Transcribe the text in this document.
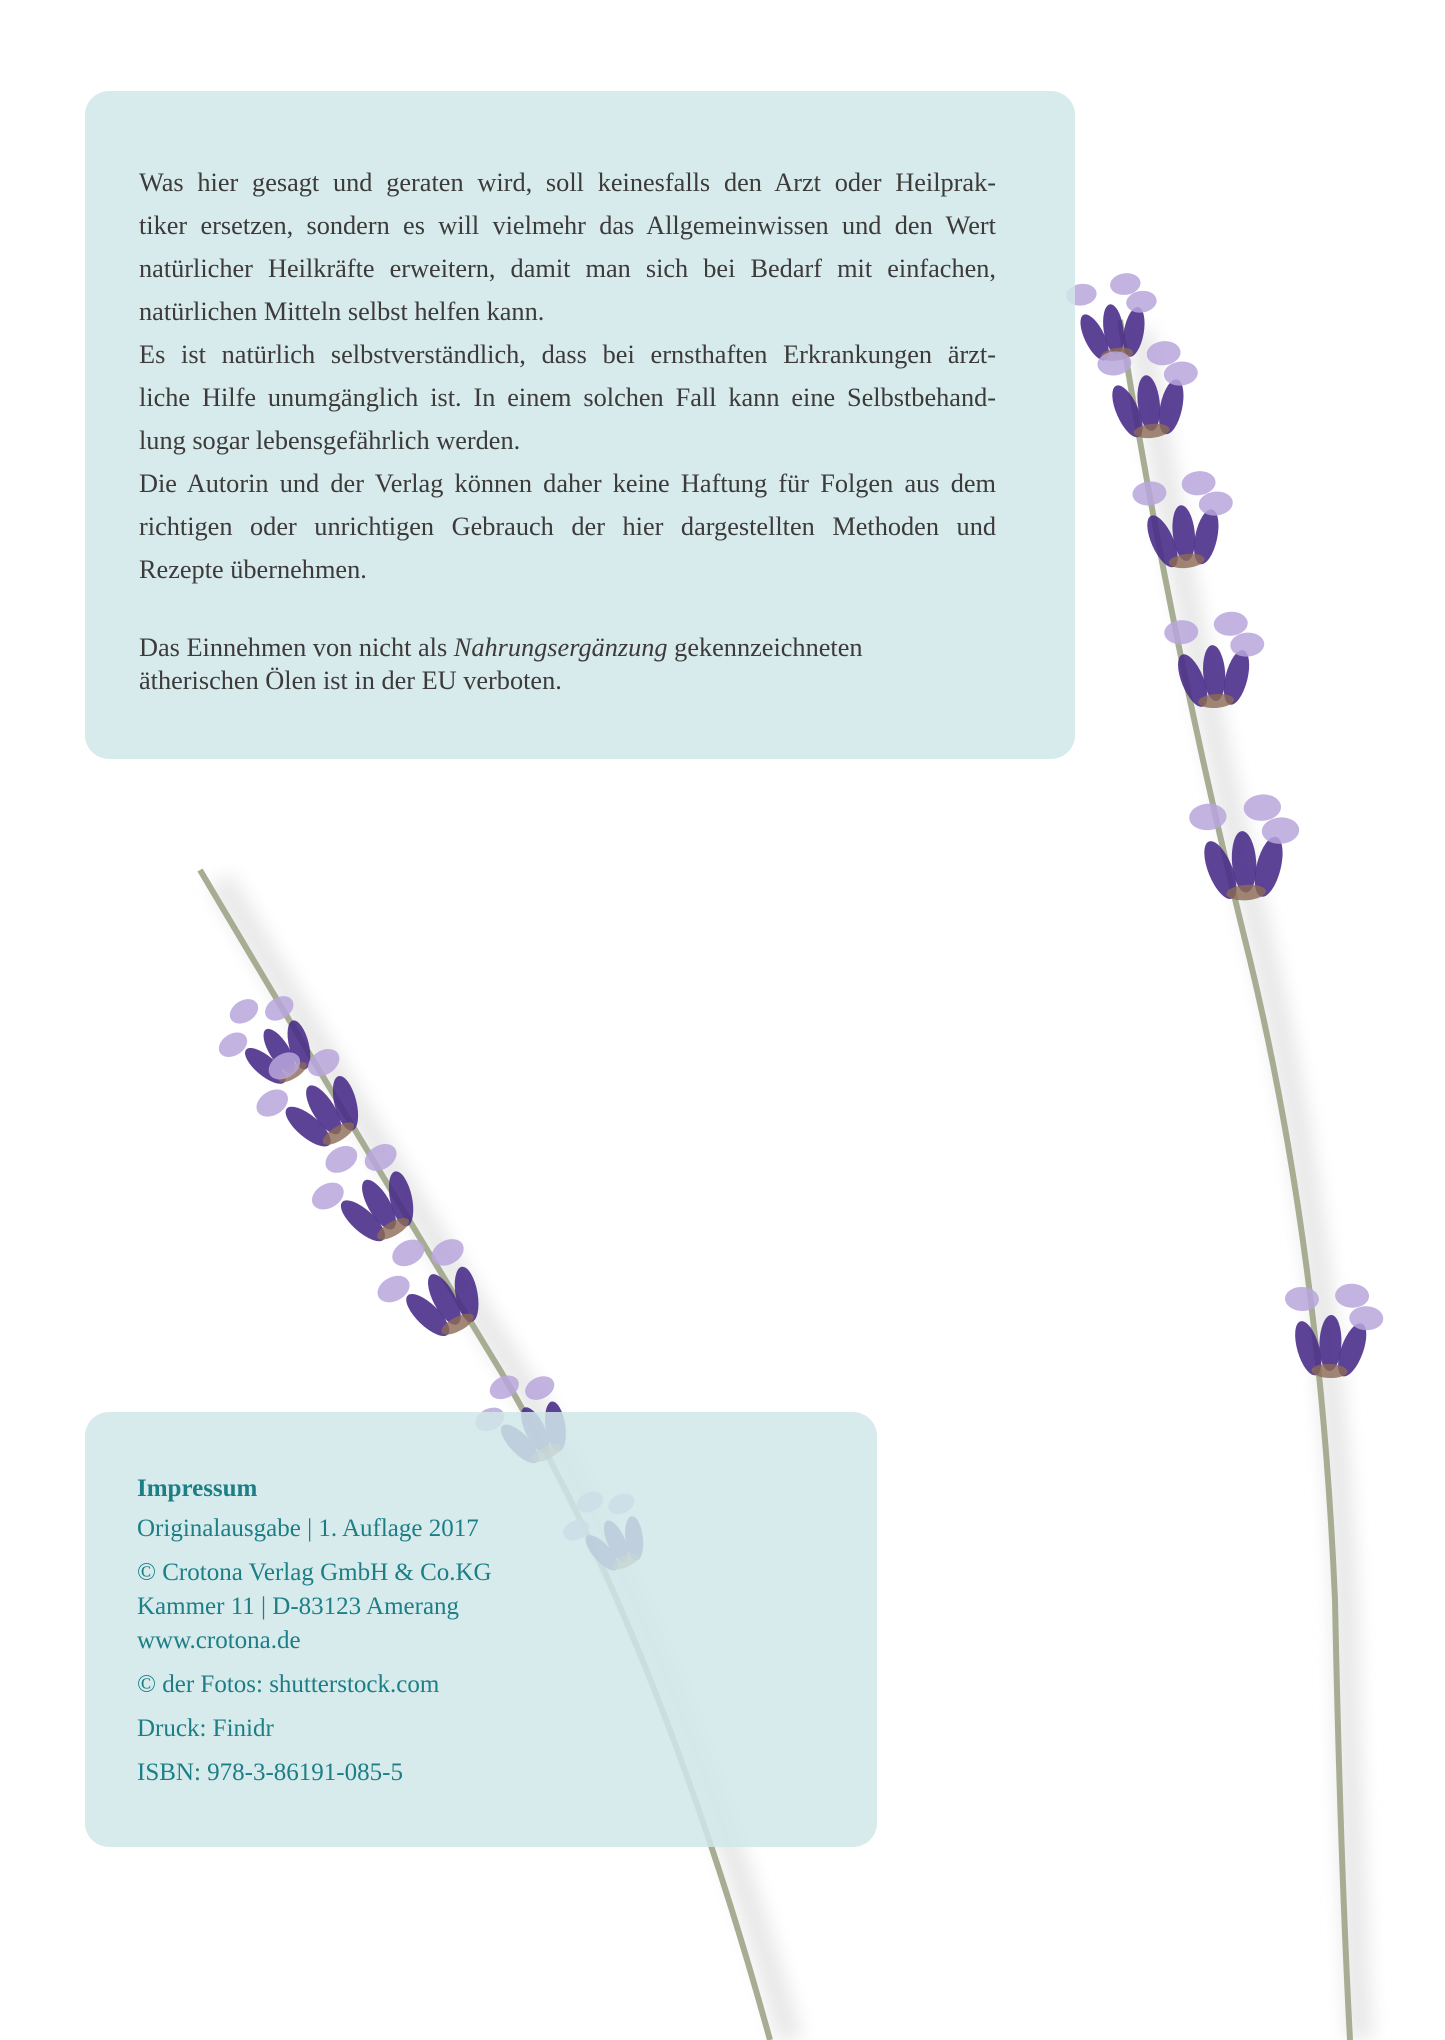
Was hier gesagt und geraten wird, soll keinesfalls den Arzt oder Heilprak-

tiker ersetzen, sondern es will vielmehr das Allgemeinwissen und den Wert

natürlicher Heilkräfte erweitern, damit man sich bei Bedarf mit einfachen,

natürlichen Mitteln selbst helfen kann.

Es ist natürlich selbstverständlich, dass bei ernsthaften Erkrankungen ärzt-

liche Hilfe unumgänglich ist. In einem solchen Fall kann eine Selbstbehand-

lung sogar lebensgefährlich werden.

Die Autorin und der Verlag können daher keine Haftung für Folgen aus dem

richtigen oder unrichtigen Gebrauch der hier dargestellten Methoden und

Rezepte übernehmen.

Das Einnehmen von nicht als Nahrungsergänzung gekennzeichneten

ätherischen Ölen ist in der EU verboten.

Impressum

Originalausgabe | 1. Auflage 2017

© Crotona Verlag GmbH & Co.KG

Kammer 11 | D-83123 Amerang

www.crotona.de

© der Fotos: shutterstock.com

Druck: Finidr

ISBN: 978-3-86191-085-5
